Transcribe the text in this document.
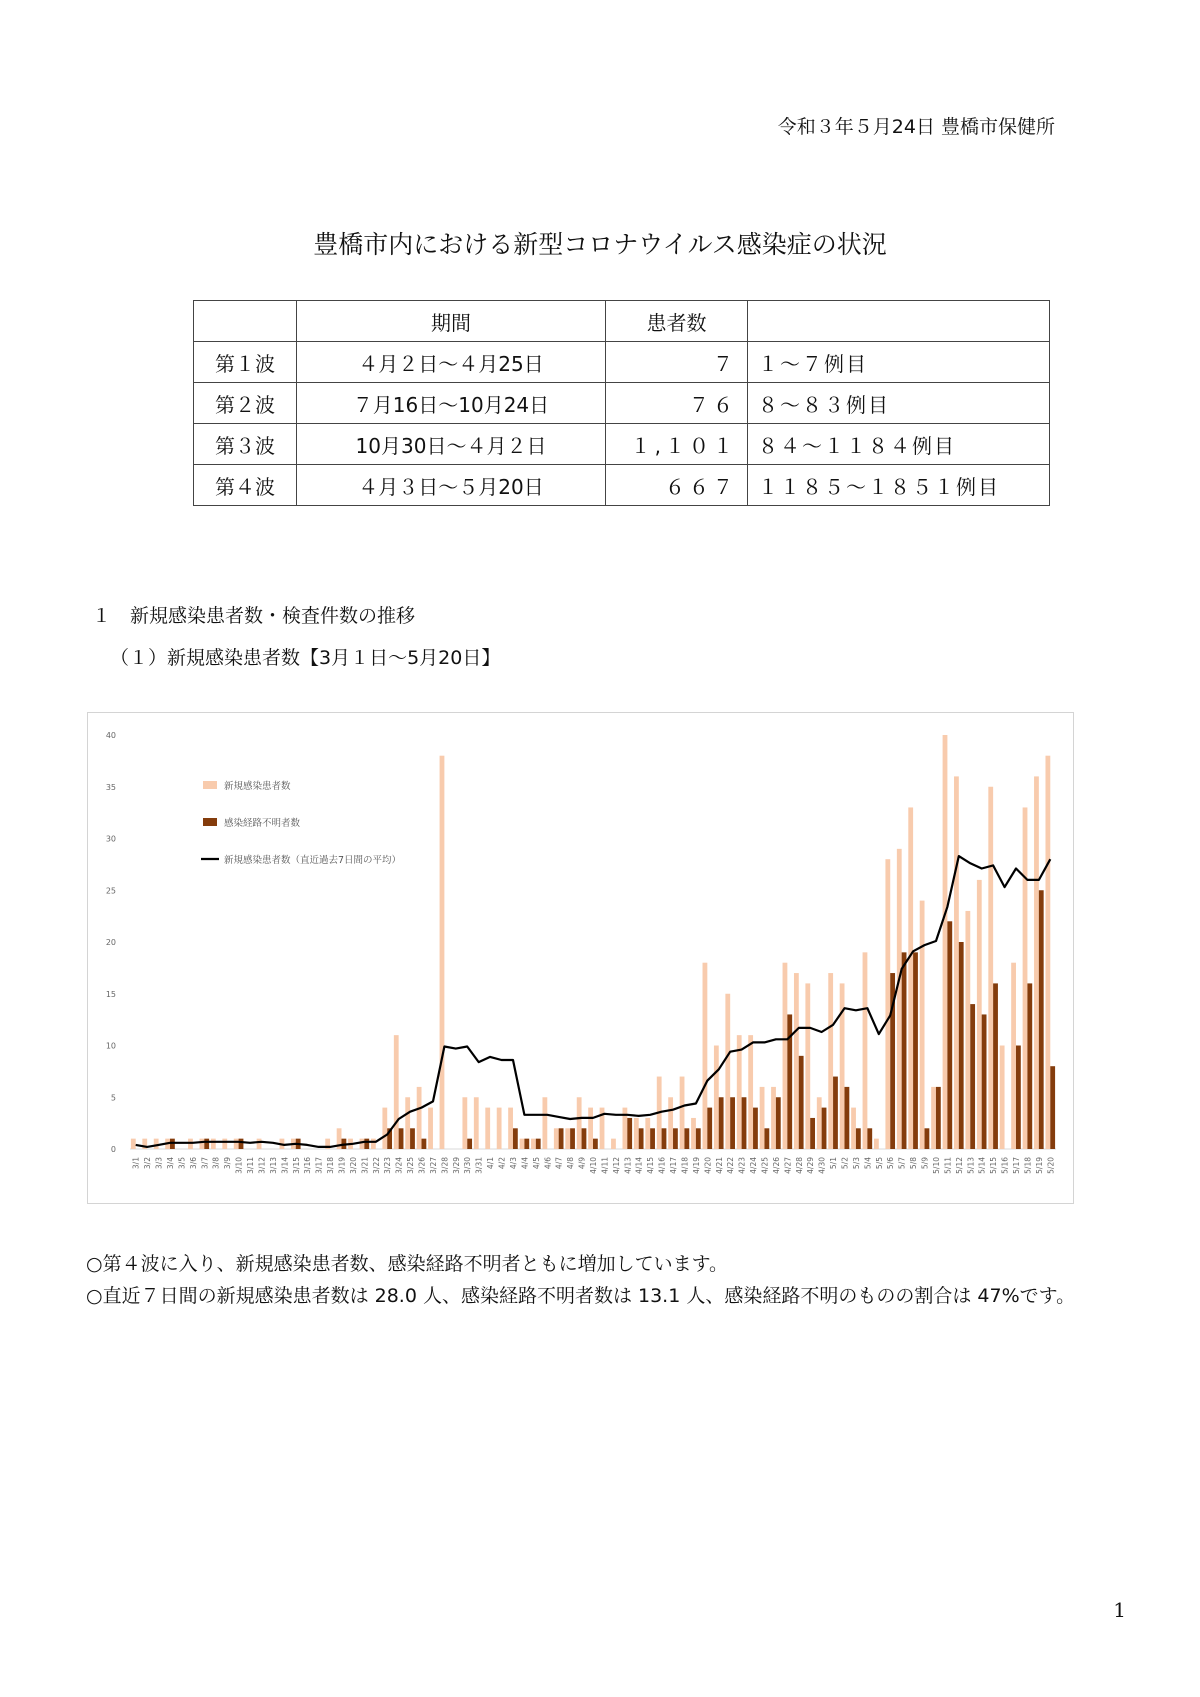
令和３年５月24日 豊橋市保健所
豊橋市内における新型コロナウイルス感染症の状況
	期間	患者数	
第１波	４月２日～４月25日	７	１～７例目
第２波	７月16日～10月24日	７６	８～８３例目
第３波	10月30日～４月２日	１,１０１	８４～１１８４例目
第４波	４月３日～５月20日	６６７	１１８５～１８５１例目
１　新規感染患者数・検査件数の推移
（１）新規感染患者数【3月１日～5月20日】
0
5
10
15
20
25
30
35
40
3/1 3/2 3/3 3/4 3/5 3/6 3/7 3/8 3/9 3/10 3/11 3/12 3/13 3/14 3/15 3/16 3/17 3/18 3/19 3/20 3/21 3/22 3/23 3/24 3/25 3/26 3/27 3/28 3/29 3/30 3/31 4/1 4/2 4/3 4/4 4/5 4/6 4/7 4/8 4/9 4/10 4/11 4/12 4/13 4/14 4/15 4/16 4/17 4/18 4/19 4/20 4/21 4/22 4/23 4/24 4/25 4/26 4/27 4/28 4/29 4/30 5/1 5/2 5/3 5/4 5/5 5/6 5/7 5/8 5/9 5/10 5/11 5/12 5/13 5/14 5/15 5/16 5/17 5/18 5/19 5/20
新規感染患者数
感染経路不明者数
新規感染患者数（直近過去7日間の平均）

○第４波に入り、新規感染患者数、感染経路不明者ともに増加しています。

○直近７日間の新規感染患者数は 28.0 人、感染経路不明者数は 13.1 人、感染経路不明のものの割合は 47%です。

1
